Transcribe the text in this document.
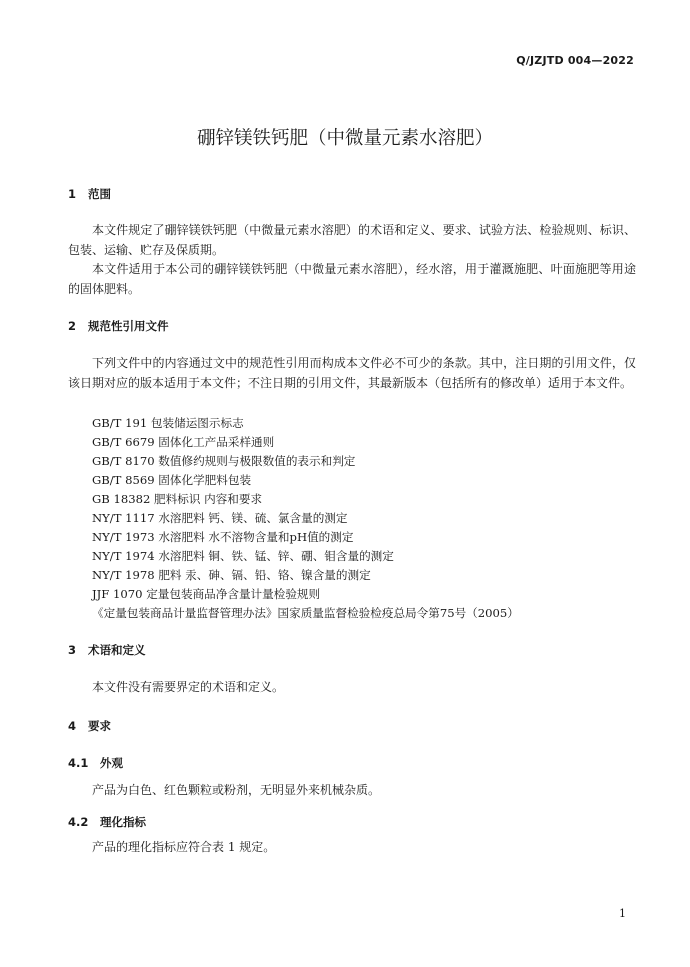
Q/JZJTD 004—2022
硼锌镁铁钙肥（中微量元素水溶肥）
1 范围
本文件规定了硼锌镁铁钙肥（中微量元素水溶肥）的术语和定义、要求、试验方法、检验规则、标识、包装、运输、贮存及保质期。
本文件适用于本公司的硼锌镁铁钙肥（中微量元素水溶肥），经水溶，用于灌溉施肥、叶面施肥等用途的固体肥料。
2 规范性引用文件
下列文件中的内容通过文中的规范性引用而构成本文件必不可少的条款。其中，注日期的引用文件，仅该日期对应的版本适用于本文件；不注日期的引用文件，其最新版本（包括所有的修改单）适用于本文件。
GB/T 191 包装储运图示标志
GB/T 6679 固体化工产品采样通则
GB/T 8170 数值修约规则与极限数值的表示和判定
GB/T 8569 固体化学肥料包装
GB 18382 肥料标识 内容和要求
NY/T 1117 水溶肥料 钙、镁、硫、氯含量的测定
NY/T 1973 水溶肥料 水不溶物含量和pH值的测定
NY/T 1974 水溶肥料 铜、铁、锰、锌、硼、钼含量的测定
NY/T 1978 肥料 汞、砷、镉、铅、铬、镍含量的测定
JJF 1070 定量包装商品净含量计量检验规则
《定量包装商品计量监督管理办法》国家质量监督检验检疫总局令第75号（2005）
3 术语和定义
本文件没有需要界定的术语和定义。
4 要求
4.1 外观
产品为白色、红色颗粒或粉剂，无明显外来机械杂质。
4.2 理化指标
产品的理化指标应符合表 1 规定。
1
